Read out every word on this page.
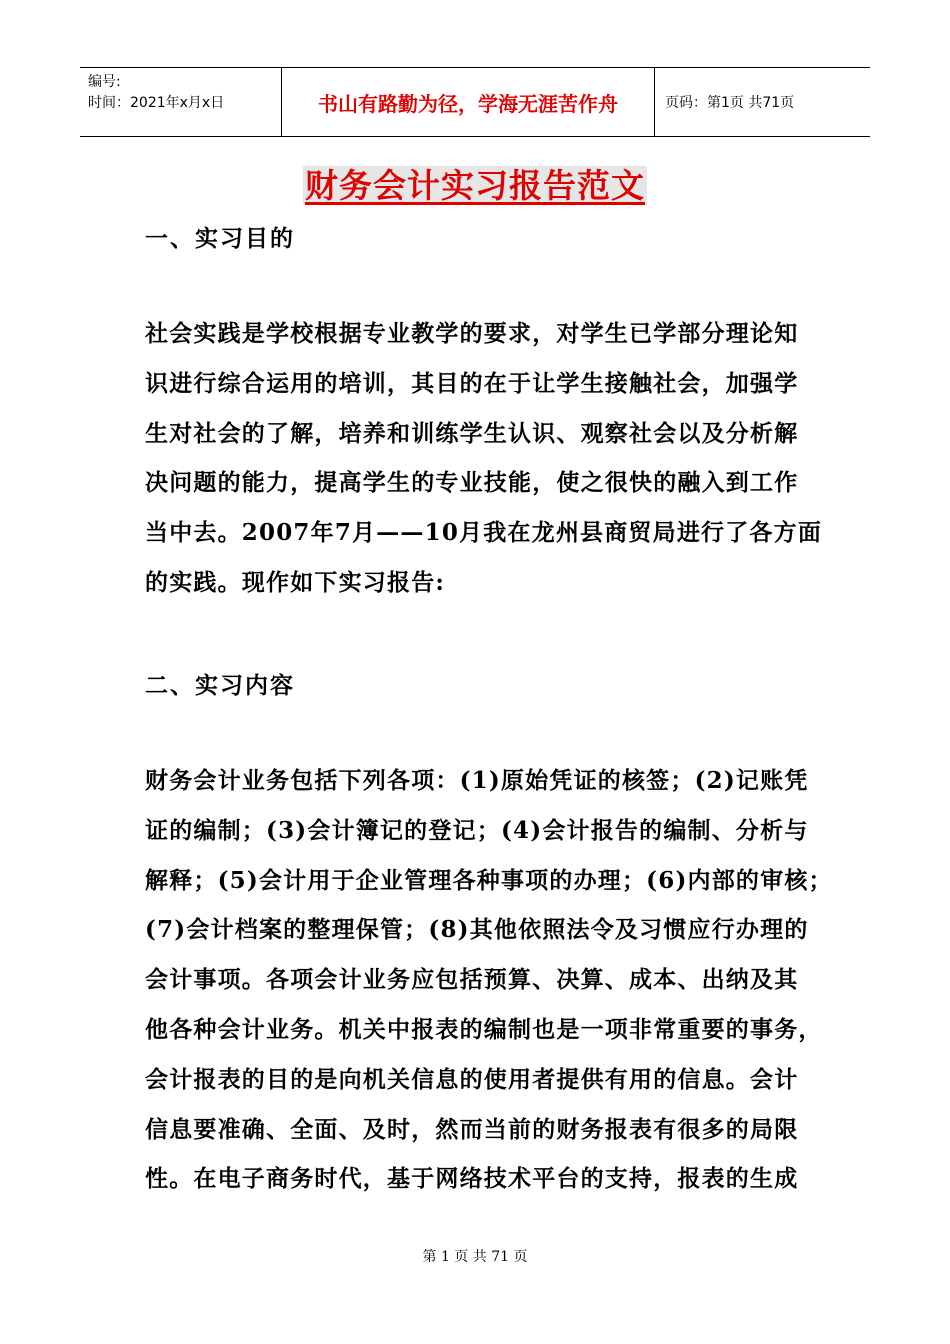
编号:
时间：2021年x月x日	书山有路勤为径，学海无涯苦作舟	页码：第1页 共71页
财务会计实习报告范文
一、实习目的
社会实践是学校根据专业教学的要求，对学生已学部分理论知
识进行综合运用的培训，其目的在于让学生接触社会，加强学
生对社会的了解，培养和训练学生认识、观察社会以及分析解
决问题的能力，提高学生的专业技能，使之很快的融入到工作
当中去。2007年7月——10月我在龙州县商贸局进行了各方面
的实践。现作如下实习报告:
二、实习内容
财务会计业务包括下列各项：(1)原始凭证的核签；(2)记账凭
证的编制；(3)会计簿记的登记；(4)会计报告的编制、分析与
解释；(5)会计用于企业管理各种事项的办理；(6)内部的审核；
(7)会计档案的整理保管；(8)其他依照法令及习惯应行办理的
会计事项。各项会计业务应包括预算、决算、成本、出纳及其
他各种会计业务。机关中报表的编制也是一项非常重要的事务，
会计报表的目的是向机关信息的使用者提供有用的信息。会计
信息要准确、全面、及时，然而当前的财务报表有很多的局限
性。在电子商务时代，基于网络技术平台的支持，报表的生成
第 1 页 共 71 页
